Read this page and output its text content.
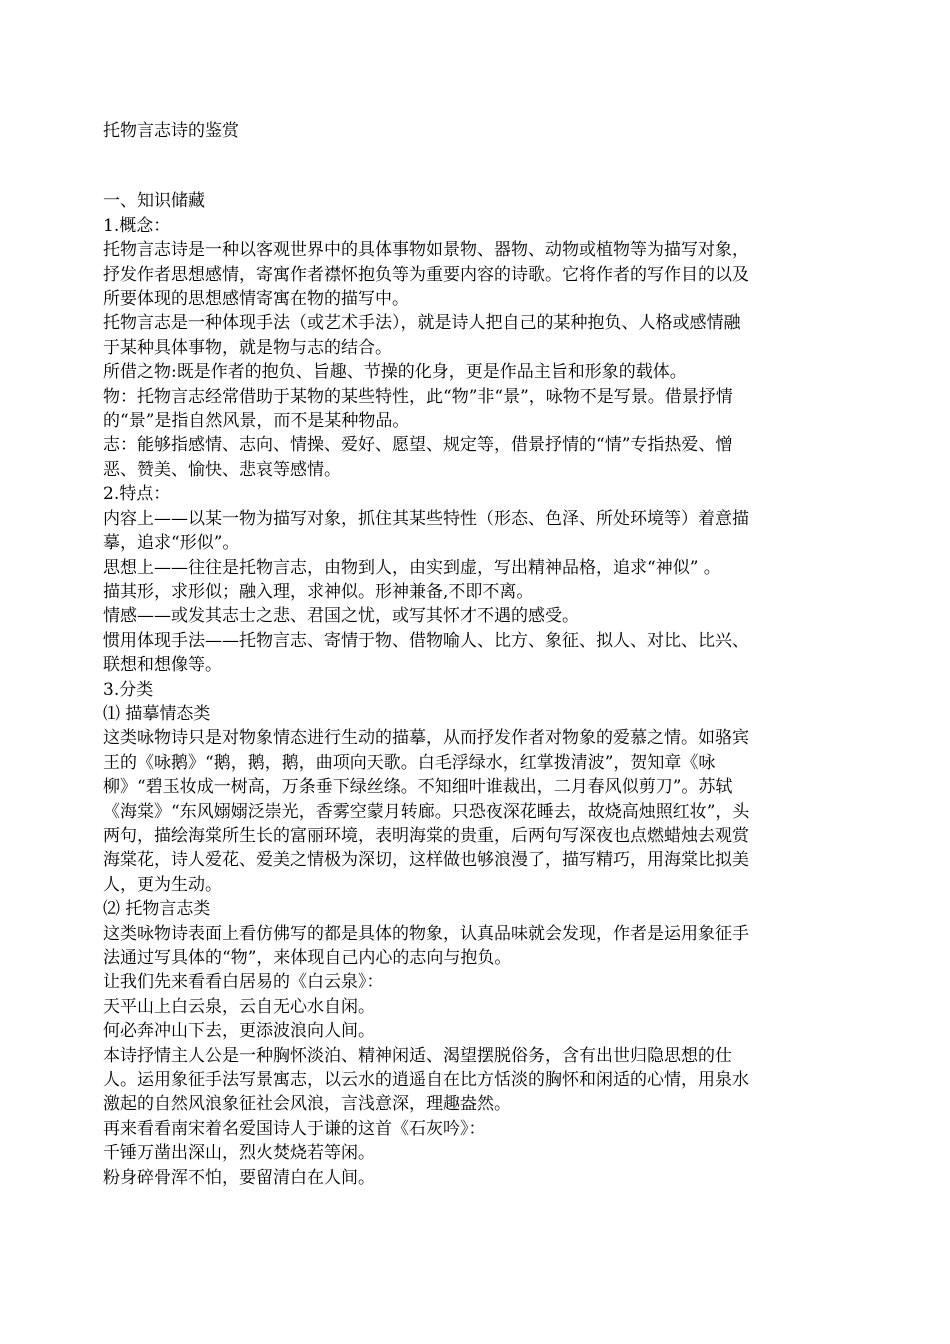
托物言志诗的鉴赏
一、知识储藏
1.概念：
托物言志诗是一种以客观世界中的具体事物如景物、器物、动物或植物等为描写对象，
抒发作者思想感情，寄寓作者襟怀抱负等为重要内容的诗歌。它将作者的写作目的以及
所要体现的思想感情寄寓在物的描写中。
托物言志是一种体现手法（或艺术手法），就是诗人把自己的某种抱负、人格或感情融
于某种具体事物，就是物与志的结合。
所借之物:既是作者的抱负、旨趣、节操的化身，更是作品主旨和形象的载体。
物：托物言志经常借助于某物的某些特性，此“物”非“景”，咏物不是写景。借景抒情
的“景”是指自然风景，而不是某种物品。
志：能够指感情、志向、情操、爱好、愿望、规定等，借景抒情的“情”专指热爱、憎
恶、赞美、愉快、悲哀等感情。
2.特点：
内容上——以某一物为描写对象，抓住其某些特性（形态、色泽、所处环境等）着意描
摹，追求“形似”。
思想上——往往是托物言志，由物到人，由实到虚，写出精神品格，追求“神似” 。
描其形，求形似；融入理，求神似。形神兼备,不即不离。
情感——或发其志士之悲、君国之忧，或写其怀才不遇的感受。
惯用体现手法——托物言志、寄情于物、借物喻人、比方、象征、拟人、对比、比兴、
联想和想像等。
3.分类
⑴ 描摹情态类
这类咏物诗只是对物象情态进行生动的描摹，从而抒发作者对物象的爱慕之情。如骆宾
王的《咏鹅》“鹅，鹅，鹅，曲项向天歌。白毛浮绿水，红掌拨清波”，贺知章《咏
柳》“碧玉妆成一树高，万条垂下绿丝绦。不知细叶谁裁出，二月春风似剪刀”。苏轼
《海棠》“东风嫋嫋泛崇光，香雾空蒙月转廊。只恐夜深花睡去，故烧高烛照红妆”，头
两句，描绘海棠所生长的富丽环境，表明海棠的贵重，后两句写深夜也点燃蜡烛去观赏
海棠花，诗人爱花、爱美之情极为深切，这样做也够浪漫了，描写精巧，用海棠比拟美
人，更为生动。
⑵ 托物言志类
这类咏物诗表面上看仿佛写的都是具体的物象，认真品味就会发现，作者是运用象征手
法通过写具体的“物”，来体现自己内心的志向与抱负。
让我们先来看看白居易的《白云泉》：
天平山上白云泉，云自无心水自闲。
何必奔冲山下去，更添波浪向人间。
本诗抒情主人公是一种胸怀淡泊、精神闲适、渴望摆脱俗务，含有出世归隐思想的仕
人。运用象征手法写景寓志，以云水的逍遥自在比方恬淡的胸怀和闲适的心情，用泉水
激起的自然风浪象征社会风浪，言浅意深，理趣盎然。
再来看看南宋着名爱国诗人于谦的这首《石灰吟》：
千锤万凿出深山，烈火焚烧若等闲。
粉身碎骨浑不怕，要留清白在人间。
